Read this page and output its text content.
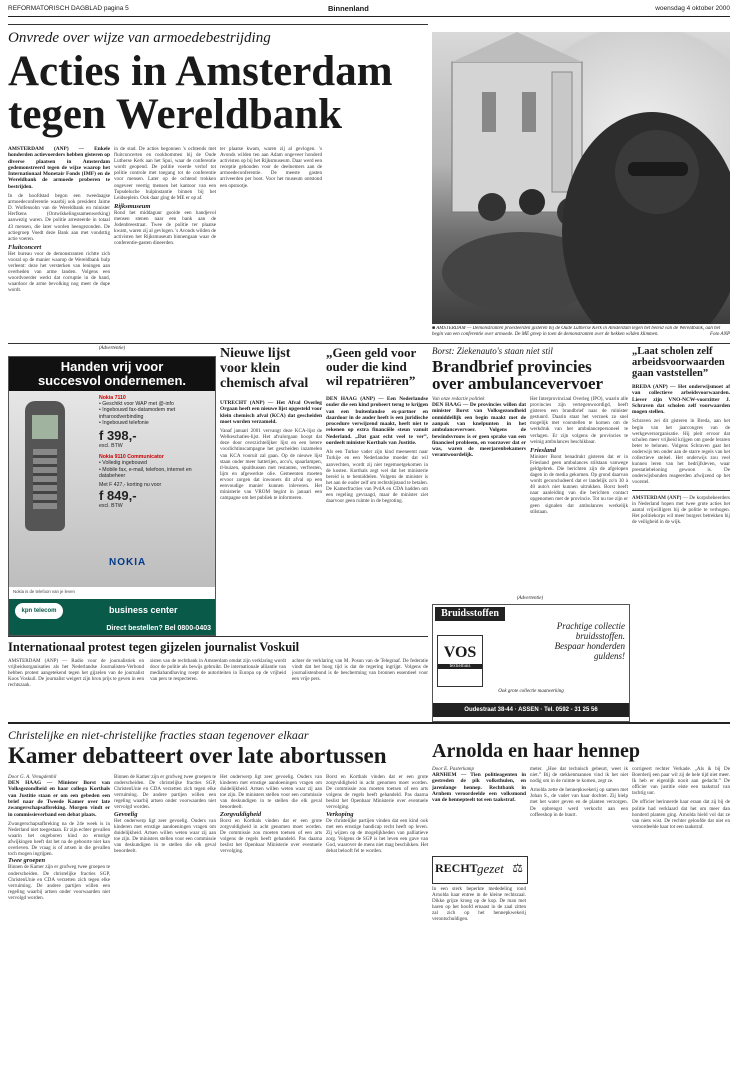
REFORMATORISCH DAGBLAD pagina 5	Binnenland	woensdag 4 oktober 2000
Onvrede over wijze van armoedebestrijding
Acties in Amsterdam
tegen Wereldbank
AMSTERDAM (ANP) — Enkele honderden actievoerders hebben gisteren op diverse plaatsen in Amsterdam gedemonstreerd tegen de wijze waarop het Internationaal Monetair Fonds (IMF) en de Wereldbank de armoede proberen te bestrijden.
In de hoofdstad begon een tweedaagse armoedeconferentie waarbij ook president Jaime D. Wolfensohn van de Wereldbank en minister Herfkens (Ontwikkelingssamenwerking) aanwezig waren. De politie arresteerde in totaal 43 mensen, die later worden heengezonden. De actiegroep Voedt deze Bank aan met vondsttig actie voeren.
Fluitconcert
Het bureau voor de demonstranten richtte zich vooral op de manier waarop de Wereldbank hulp verleent: deze het versterken van leningen aan overheden van arme landen. Volgens een woordvoerder werkt dat corruptie in de hand, waardoor de arme bevolking nog meer de dupe wordt.
in de stad. De acties begonnen 's ochtends met fluitconcerten en rookbommen bij de Oude Lutherse Kerk aan het Spui, waar de conferentie wordt geopend. De politie voerde verlof tot politie controle met toegang tot de conferentie voor mensen. Later op de ochtend trokken ongeveer veertig mensen het kantoor van een Topsdeluche hulpinstantie binnen bij het Leidseplein. Ook daar ging de ME er op af.
Rijksmuseum
Rond het middaguur gooide een handjevol mensen stenen naar een bank aan de Jodenbreestraat. Twee de politie ter plaatse kwam, waren zij al gevlogen. 's Avonds wilden de activisten het Rijksmuseum binnengaan waar de conferentie-gasten dineerden.
ter plaatse kwam, waren zij al gevlogen. 's Avonds wilden ten aan Adam ongeveer honderd activisten op bij het Rijksmuseum. Daar werd een receptie gehouden voor de deelnemers aan de armoedeconferentie. De meeste gasten arriveerden per boot. Voor het museum ontstond een opstootje.
■ AMSTERDAM — Demonstranten proesteerden gisteren bij de Oude Lutherse Kerk in Amsterdam tegen het beleid van de Wereldbank, aan het begin van een conferentie over armoede. De ME greep in toen de demonstranten over de hekken wilden klimmen.	Foto ANP
(Advertentie)
Handen vrij voor
succesvol ondernemen.
Nokia 7110
• Geschikt voor WAP met @-info
• Ingebouwd fax-datamodem met infraroodverbinding
• Ingebouwd telefonie
f 398,-
excl. BTW
Nokia 9110 Communicator
• Volledig ingebouwd
• Mobile fax, e-mail, telefoon, internet en databeheer
Met F 427,- korting nu voor
f 849,-
excl. BTW
NOKIA
Nokia is de telefoon van je leven
kpn telecom	business center
Direct bestellen? Bel 0800-0403
Nieuwe lijst
voor klein
chemisch afval
UTRECHT (ANP) — Het Afval Overleg Orgaan heeft een nieuwe lijst opgesteld voor klein chemisch afval (KCA) dat gescheiden moet worden verzameld.
Vanaf januari 2001 vervangt deze KCA-lijst de Welkeschaties-lijst. Het afvalorgaan hoopt dat deze door overzichtelijker lijst en een betere voorlichtinscampagne het gescheiden inzamelen van KCA vooruit zal gaan. Op de nieuwe lijst staan onder meer batterijen, accu's, spaarlampen, tl-buizen, spuitbussen met restanten, verfresten, lijm en afgewerkte olie. Gemeenten moeten ervoor zorgen dat inwoners dit afval op een eenvoudige manier kunnen inleveren. Het ministerie van VROM begint in januari een campagne om het publiek te informeren.
„Geen geld voor
ouder die kind
wil repatriëren”
DEN HAAG (ANP) — Een Nederlandse ouder die een kind probeert terug te krijgen van een buitenlandse ex-partner en daardoor in de auder heeft is een juridische procedure verwijzend maakt, heeft niet te rekenen op extra financiële steun vanuit Nederland. „Dat gaat echt veel te ver”, oordeelt minister Korthals van Justitie.
Als een Turkse vader zijn kind meeneemt naar Turkije en een Nederlandse moeder dat wil aanvechten, wordt zij niet tegemoetgekomen in de kosten. Korthals zegt wel dat het ministerie bereid is te bemiddelen. Volgens de minister is het aan de ouder zelf om rechtsbijstand te betalen. De Kamerfracties van PvdA en CDA hadden om een regeling gevraagd, maar de minister ziet daarvoor geen ruimte in de begroting.
Borst: Ziekenauto's staan niet stil
Brandbrief provincies
over ambulancevervoer
Van onze redactie politiek
DEN HAAG — De provincies willen dat minister Borst van Volksgezondheid onmiddellijk een begin maakt met de aanpak van knelpunten in het ambulancevervoer. Volgens de bewindsvrouw is er geen sprake van een financieel probleem, en voorzover dat er was, waren de meerjarenbekamers verantwoordelijk.
Het Interprovinciaal Overleg (IPO), waarin alle provincies zijn vertegenwoordigd, heeft gisteren een brandbrief naar de minister gestuurd. Daarin staat het verzoek zo snel mogelijk met voorstellen te komen om de werkdruk van het ambulancepersoneel te verlagen. Er zijn volgens de provincies te weinig ambulances beschikbaar.
Friesland
Minister Borst benadrukt gisteren dat er in Friesland geen ambulances stilstaan vanwege geldgebrek. Die berichten zijn de afgelopen dagen in de media gekomen. Op grond daarvan wordt geconcludeerd dat er landelijk zo'n 30 à 40 auto's niet kunnen uitrukken. Borst heeft naar aanleiding van die berichten contact opgenomen met de provincie. Tot nu toe zijn er geen signalen dat ambulances werkelijk stilstaan.
„Laat scholen zelf
arbeidsvoorwaarden
gaan vaststellen”
BREDA (ANP) — Het onderwijsmoet af van collectieve arbeidsvoorwaarden. Liever zijn VNO-NCW-voorzitter J. Schraven dat scholen zelf voorwaarden mogen stellen.
Schraven zei dit gisteren in Breda, aan het begin van het jaarcongres van de werkgeversorganisatie. Hij pleit ervoor dat scholen meer vrijheid krijgen om goede leraren beter te belonen. Volgens Schraven gaat het onderwijs ten onder aan de starre regels van het collectieve stelsel. Het onderwijs zou veel kunnen leren van het bedrijfsleven, waar prestatiebeloning gewoon is. De onderwijsbonden reageerden afwijzend op het voorstel.
AMSTERDAM (ANP) — De korpsbeheerders in Nederland hopen met twee grote acties het aantal vrijwilligers bij de politie te verhogen. Het politiekorps wil meer burgers betrekken bij de veiligheid in de wijk.
(Advertentie)
Bruidsstoffen
Prachtige collectie
bruidsstoffen.
Bespaar honderden
guldens!
VOS
textielhuis
Ook grote collectie maatwerking
Oudestraat 38-44 · ASSEN · Tel. 0592 - 31 25 56
Internationaal protest tegen gijzelen journalist Voskuil
AMSTERDAM (ANP) — Radio voor de journalistiek en vrijheidsorganisaties als het Nederlandse Journalisten-Verbond hebben protest aangetekend tegen het gijzelen van de journalist Koos Voskuil. De journalist weigert zijn bron prijs te geven in een rechtszaak.
sisten van de rechtbank in Amsterdam omdat zijn verklaring wordt door de politie als bewijs gebruikt. De internationale alliantie van mediahandhaving roept de autoriteiten in Europa op de vrijheid van pers te respecteren.
achter de verklaring van M. Posun van de Telegraaf. De federatie vindt dat het hoog tijd is dat de regering ingrijpt. Volgens de journalistenbond is de bescherming van bronnen essentieel voor een vrije pers.
Christelijke en niet-christelijke fracties staan tegenover elkaar
Kamer debatteert over late abortussen
Door G. A. Vreugdenhil
DEN HAAG — Minister Borst van Volksgezondheid en haar collega Korthals van Justitie staan er om een gebeden een brief naar de Tweede Kamer over late zwangerschapsafbreking. Morgen vindt er in commissieverband een debat plaats.
Zwangerschapsafbreking na de 24e week is in Nederland niet toegestaan. Er zijn echter gevallen waarin het ongeboren kind zo ernstige afwijkingen heeft dat het na de geboorte niet kan overleven. De vraag is of artsen in die gevallen toch mogen ingrijpen.
Twee groepen
Binnen de Kamer zijn er grofweg twee groepen te onderscheiden. De christelijke fracties SGP, ChristenUnie en CDA verzetten zich tegen elke verruiming. De andere partijen willen een regeling waarbij artsen onder voorwaarden niet vervolgd worden.
Binnen de Kamer zijn er grofweg twee groepen te onderscheiden. De christelijke fracties SGP, ChristenUnie en CDA verzetten zich tegen elke verruiming. De andere partijen willen een regeling waarbij artsen onder voorwaarden niet vervolgd worden.
Gevoelig
Het onderwerp ligt zeer gevoelig. Ouders van kinderen met ernstige aandoeningen vragen om duidelijkheid. Artsen willen weten waar zij aan toe zijn. De ministers stellen voor een commissie van deskundigen in te stellen die elk geval beoordeelt.
Het onderwerp ligt zeer gevoelig. Ouders van kinderen met ernstige aandoeningen vragen om duidelijkheid. Artsen willen weten waar zij aan toe zijn. De ministers stellen voor een commissie van deskundigen in te stellen die elk geval beoordeelt.
Zorgvuldigheid
Borst en Korthals vinden dat er een grote zorgvuldigheid in acht genomen moet worden. De commissie zou moeten toetsen of een arts volgens de regels heeft gehandeld. Pas daarna beslist het Openbaar Ministerie over eventuele vervolging.
Borst en Korthals vinden dat er een grote zorgvuldigheid in acht genomen moet worden. De commissie zou moeten toetsen of een arts volgens de regels heeft gehandeld. Pas daarna beslist het Openbaar Ministerie over eventuele vervolging.
Verkoping
De christelijke partijen vinden dat een kind ook met een ernstige handicap recht heeft op leven. Zij wijzen op de mogelijkheden van palliatieve zorg. Volgens de SGP is het leven een gave van God, waarover de mens niet mag beschikken. Het debat belooft fel te worden.
Arnolda en haar hennep
Door E. Pasterkamp
ARNHEM — Tien politieagenten in gestreden de pik volksthulen, en jarenlange hennep. Rechtbank in Arnhem veroordeelde een volksmond van de hennepteelt tot een taakstraf.
RECHT gezet ⚖
In een sterk beperkte mededeling rond Arnolda haar entree in de kleine rechtszaal. Dikke grijze kroeg op de kop. De man met haren op het hoofd ernaast in de zaal zitten zal zich op het hennepkwekerij verontschuldigen.
meter. „Hoe dat technisch gebeurt, weet ik niet.” Bij de stekkenmannen vind ik het niet nodig om in de ruimte te komen, zegt ze.
Arnolda zette de hennepkwekerij op samen met Johan S., de vader van haar dochter. Zij hielp met het water geven en de planten verzorgen. De opbrengst werd verkocht aan een coffeeshop in de buurt.
corrigeert rechter Verkade. „Als ik bij De Boerderij een paar wil zij de hele tijd niet meer. Ik heb er eigenlijk nooit aan gedacht.” De officier van justitie eiste een taakstraf van tachtig uur.
De officier herinnerde haar eraan dat zij bij de politie had verklaard dat het om meer dan honderd planten ging. Arnolda hield vol dat ze van niets wist. De rechter geloofde dat niet en veroordeelde haar tot een taakstraf.
